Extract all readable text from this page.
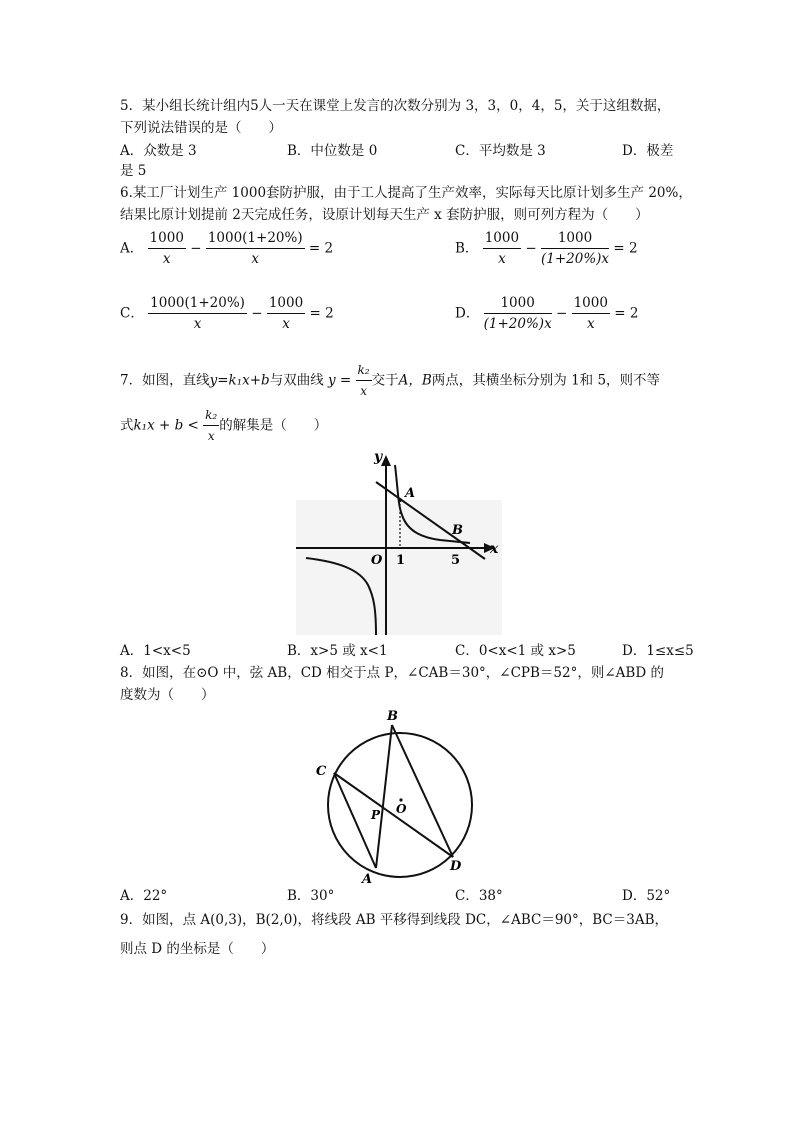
5．某小组长统计组内5人一天在课堂上发言的次数分别为 3，3，0，4，5，关于这组数据，
下列说法错误的是（　　）
A．众数是 3	B．中位数是 0	C．平均数是 3	D．极差
是 5
6.某工厂计划生产 1000套防护服，由于工人提高了生产效率，实际每天比原计划多生产 20%，
结果比原计划提前 2天完成任务，设原计划每天生产 x 套防护服，则可列方程为（　　）
A． $\frac{1000}{x} - \frac{1000(1+20\%)}{x} = 2$	B． $\frac{1000}{x} - \frac{1000}{(1+20\%)x} = 2$
C． $\frac{1000(1+20\%)}{x} - \frac{1000}{x} = 2$	D． $\frac{1000}{(1+20\%)x} - \frac{1000}{x} = 2$
7．如图，直线y=k₁x+b与双曲线 $y = \frac{\text{k₂}}{x}$ 交于A，B两点，其横坐标分别为 1和 5，则不等
式$k_1x + b < \frac{\text{k₂}}{x}$ 的解集是（　　）
y
x
O 1	5
A
B
A．1<x<5	B．x>5 或 x<1	C．0<x<1 或 x>5	D．1≤x≤5
8．如图，在⊙O 中，弦 AB，CD 相交于点 P，∠CAB＝30°，∠CPB＝52°，则∠ABD 的
度数为（　　）
B
C
O
P
A
D
A．22°	B．30°	C．38°	D．52°
9．如图，点 A(0,3)，B(2,0)，将线段 AB 平移得到线段 DC，∠ABC＝90°，BC＝3AB，
则点 D 的坐标是（　　）
